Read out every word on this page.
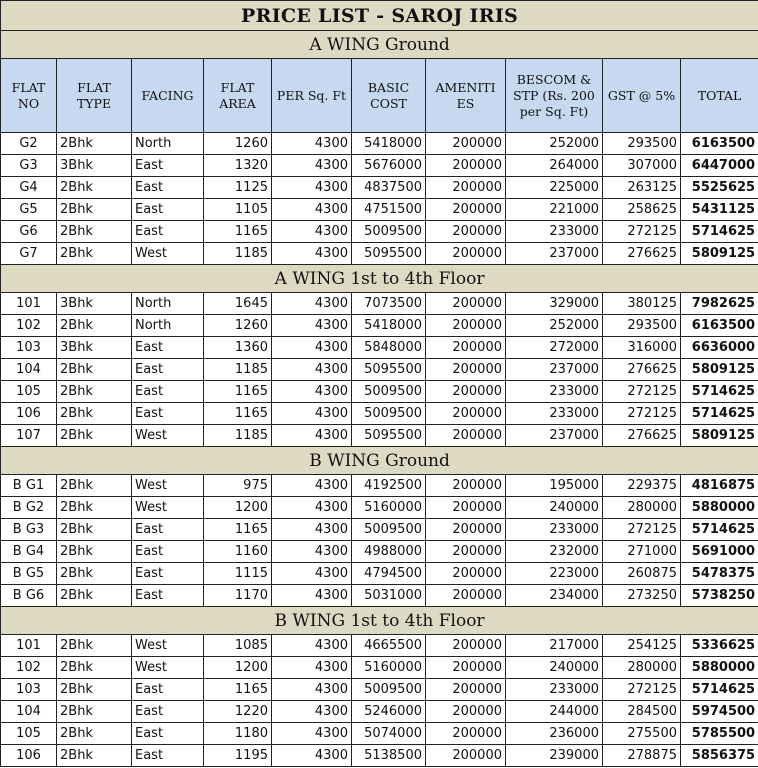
PRICE LIST - SAROJ IRIS									
A WING Ground									
FLAT NO	FLAT TYPE	FACING	FLAT AREA	PER Sq. Ft	BASIC COST	AMENITI ES	BESCOM & STP (Rs. 200 per Sq. Ft)	GST @ 5%	TOTAL
G2	2Bhk	North	1260	4300	5418000	200000	252000	293500	6163500
G3	3Bhk	East	1320	4300	5676000	200000	264000	307000	6447000
G4	2Bhk	East	1125	4300	4837500	200000	225000	263125	5525625
G5	2Bhk	East	1105	4300	4751500	200000	221000	258625	5431125
G6	2Bhk	East	1165	4300	5009500	200000	233000	272125	5714625
G7	2Bhk	West	1185	4300	5095500	200000	237000	276625	5809125
A WING 1st to 4th Floor									
101	3Bhk	North	1645	4300	7073500	200000	329000	380125	7982625
102	2Bhk	North	1260	4300	5418000	200000	252000	293500	6163500
103	3Bhk	East	1360	4300	5848000	200000	272000	316000	6636000
104	2Bhk	East	1185	4300	5095500	200000	237000	276625	5809125
105	2Bhk	East	1165	4300	5009500	200000	233000	272125	5714625
106	2Bhk	East	1165	4300	5009500	200000	233000	272125	5714625
107	2Bhk	West	1185	4300	5095500	200000	237000	276625	5809125
B WING Ground									
B G1	2Bhk	West	975	4300	4192500	200000	195000	229375	4816875
B G2	2Bhk	West	1200	4300	5160000	200000	240000	280000	5880000
B G3	2Bhk	East	1165	4300	5009500	200000	233000	272125	5714625
B G4	2Bhk	East	1160	4300	4988000	200000	232000	271000	5691000
B G5	2Bhk	East	1115	4300	4794500	200000	223000	260875	5478375
B G6	2Bhk	East	1170	4300	5031000	200000	234000	273250	5738250
B WING 1st to 4th Floor									
101	2Bhk	West	1085	4300	4665500	200000	217000	254125	5336625
102	2Bhk	West	1200	4300	5160000	200000	240000	280000	5880000
103	2Bhk	East	1165	4300	5009500	200000	233000	272125	5714625
104	2Bhk	East	1220	4300	5246000	200000	244000	284500	5974500
105	2Bhk	East	1180	4300	5074000	200000	236000	275500	5785500
106	2Bhk	East	1195	4300	5138500	200000	239000	278875	5856375
